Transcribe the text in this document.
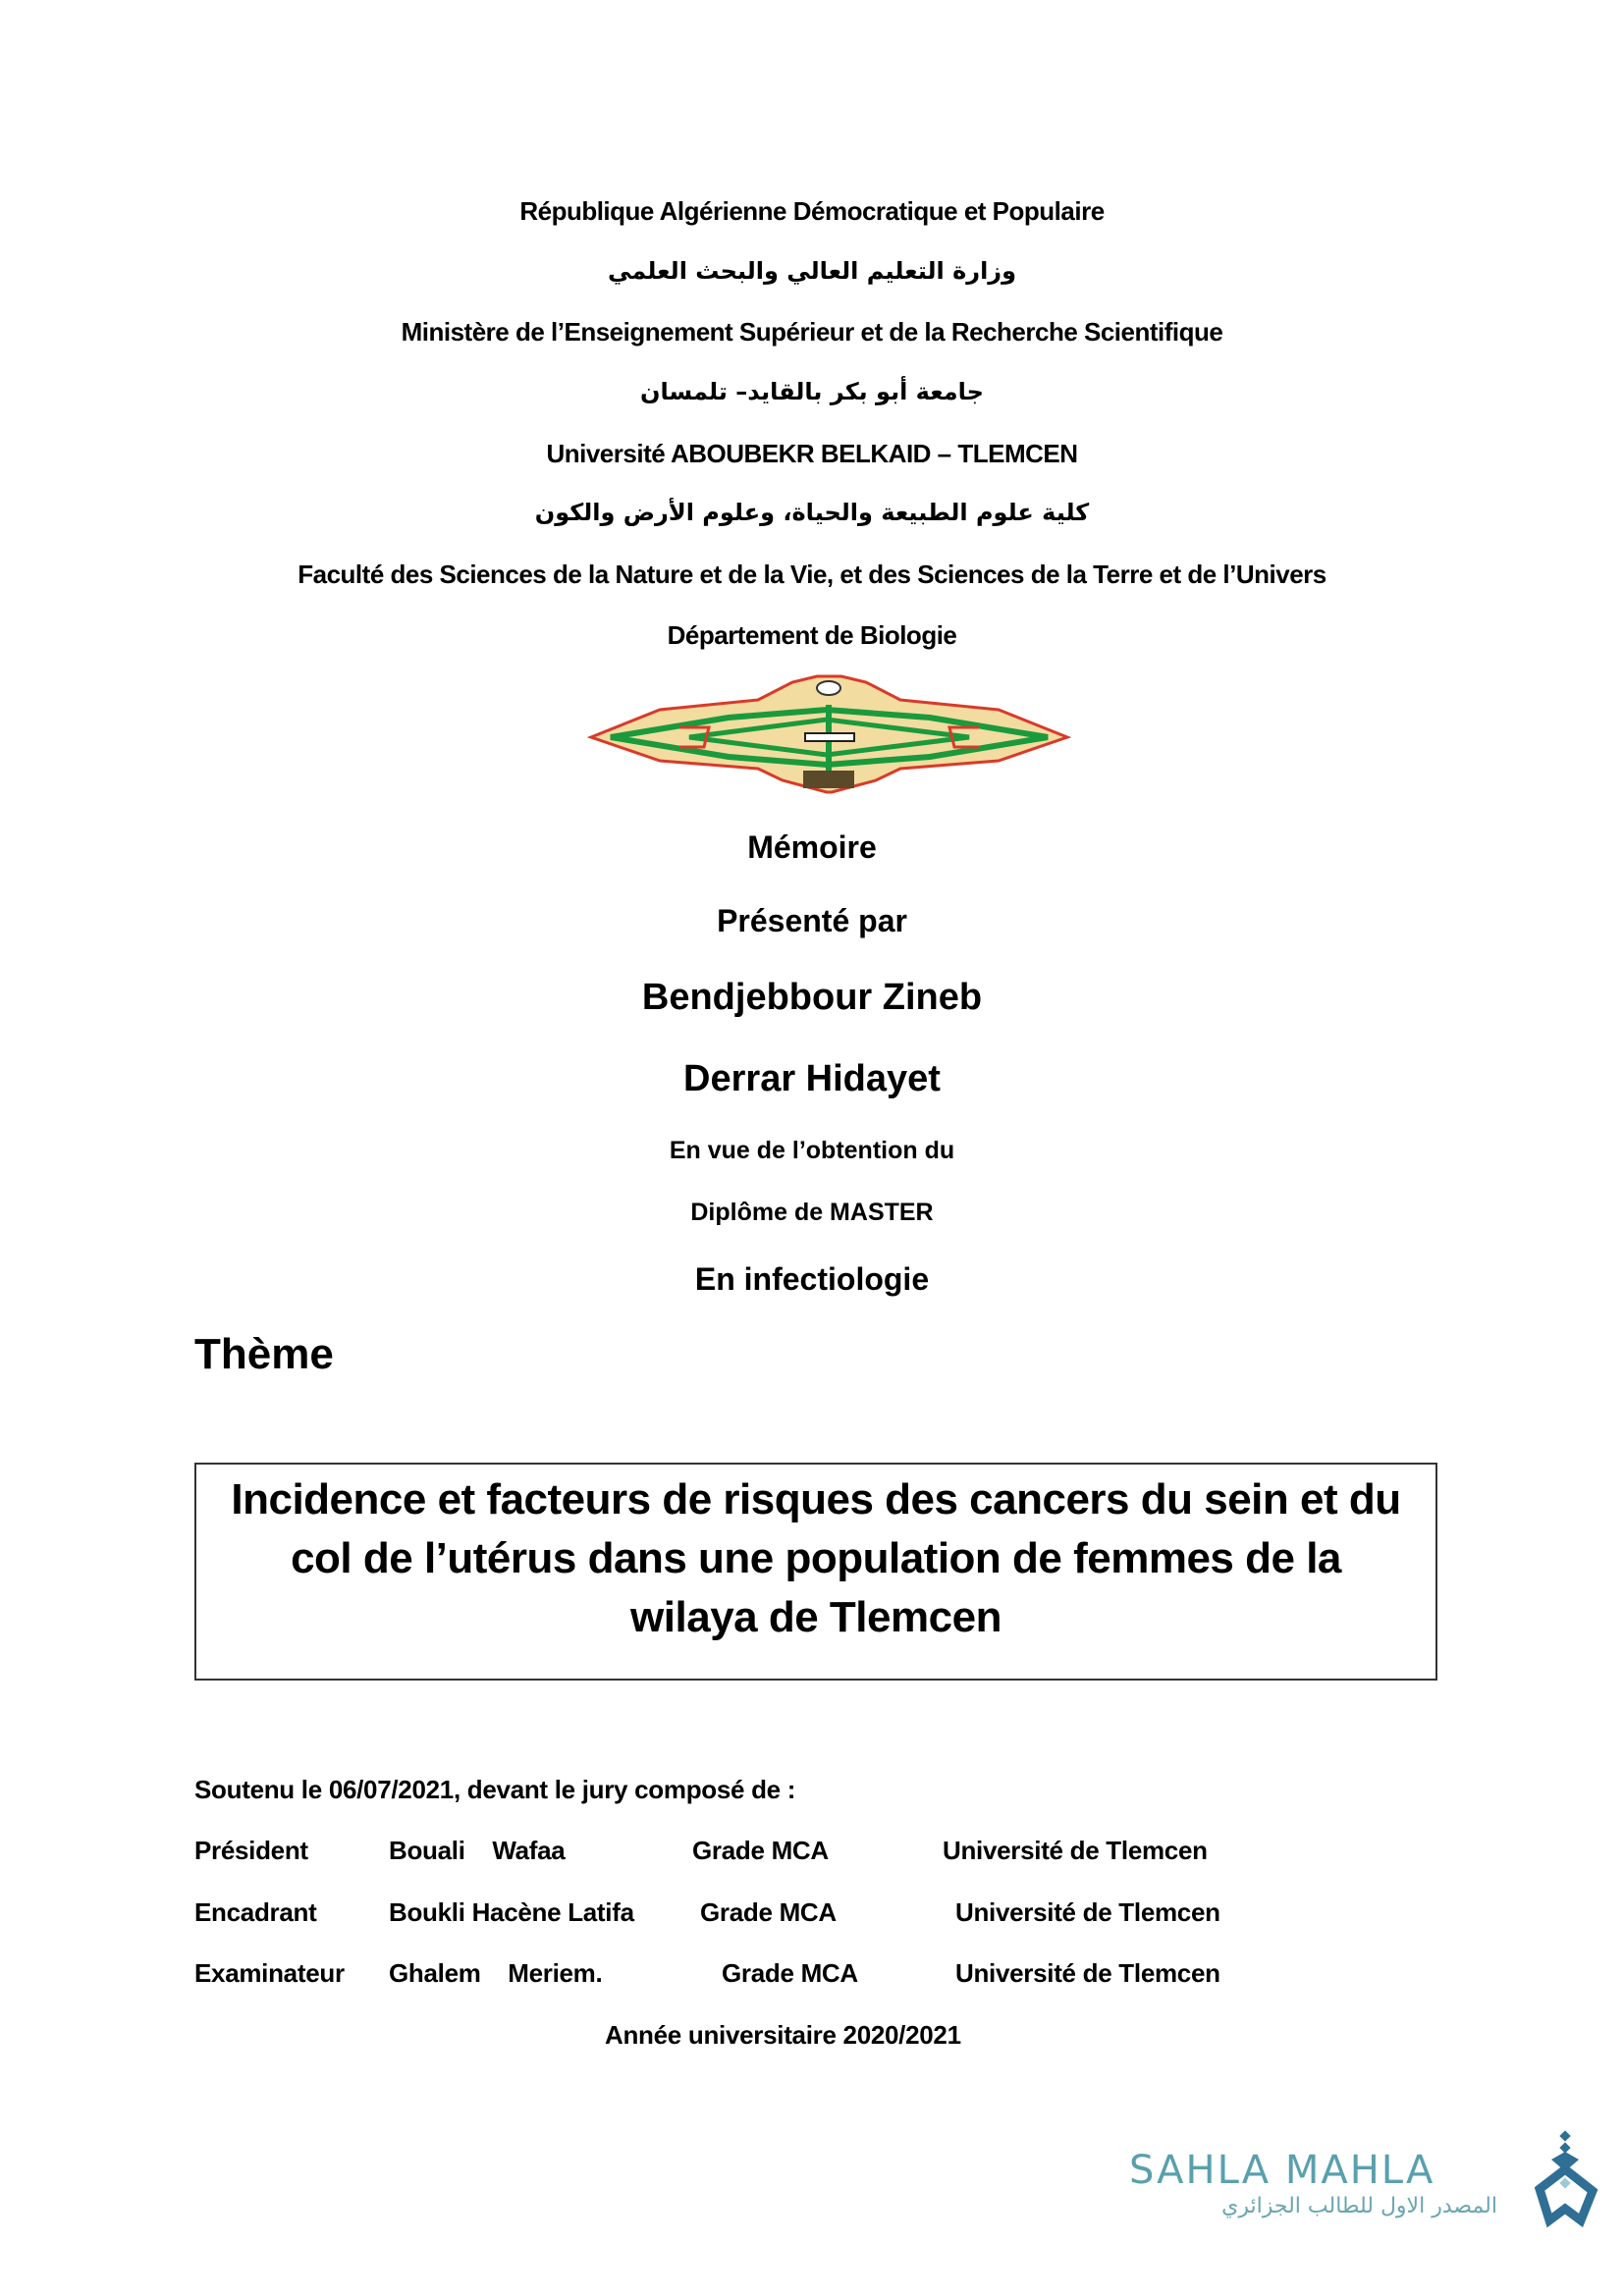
République Algérienne Démocratique et Populaire
وزارة التعليم العالي والبحث العلمي
Ministère de l’Enseignement Supérieur et de la Recherche Scientifique
جامعة أبو بكر بالقايد– تلمسان
Université ABOUBEKR BELKAID – TLEMCEN
كلية علوم الطبيعة والحياة، وعلوم الأرض والكون
Faculté des Sciences de la Nature et de la Vie, et des Sciences de la Terre et de l’Univers
Département de Biologie
Mémoire
Présenté par
Bendjebbour Zineb
Derrar Hidayet
En vue de l’obtention du
Diplôme de MASTER
En infectiologie
Thème
Incidence et facteurs de risques des cancers du sein et du
col de l’utérus dans une population de femmes de la
wilaya de Tlemcen
Soutenu le 06/07/2021, devant le jury composé de :
Président	Bouali    Wafaa	Grade MCA	Université de Tlemcen
Encadrant	Boukli Hacène Latifa	Grade MCA	Université de Tlemcen
Examinateur Ghalem    Meriem.	Grade MCA	Université de Tlemcen
Année universitaire 2020/2021
SAHLA MAHLA
المصدر الاول للطالب الجزائري
